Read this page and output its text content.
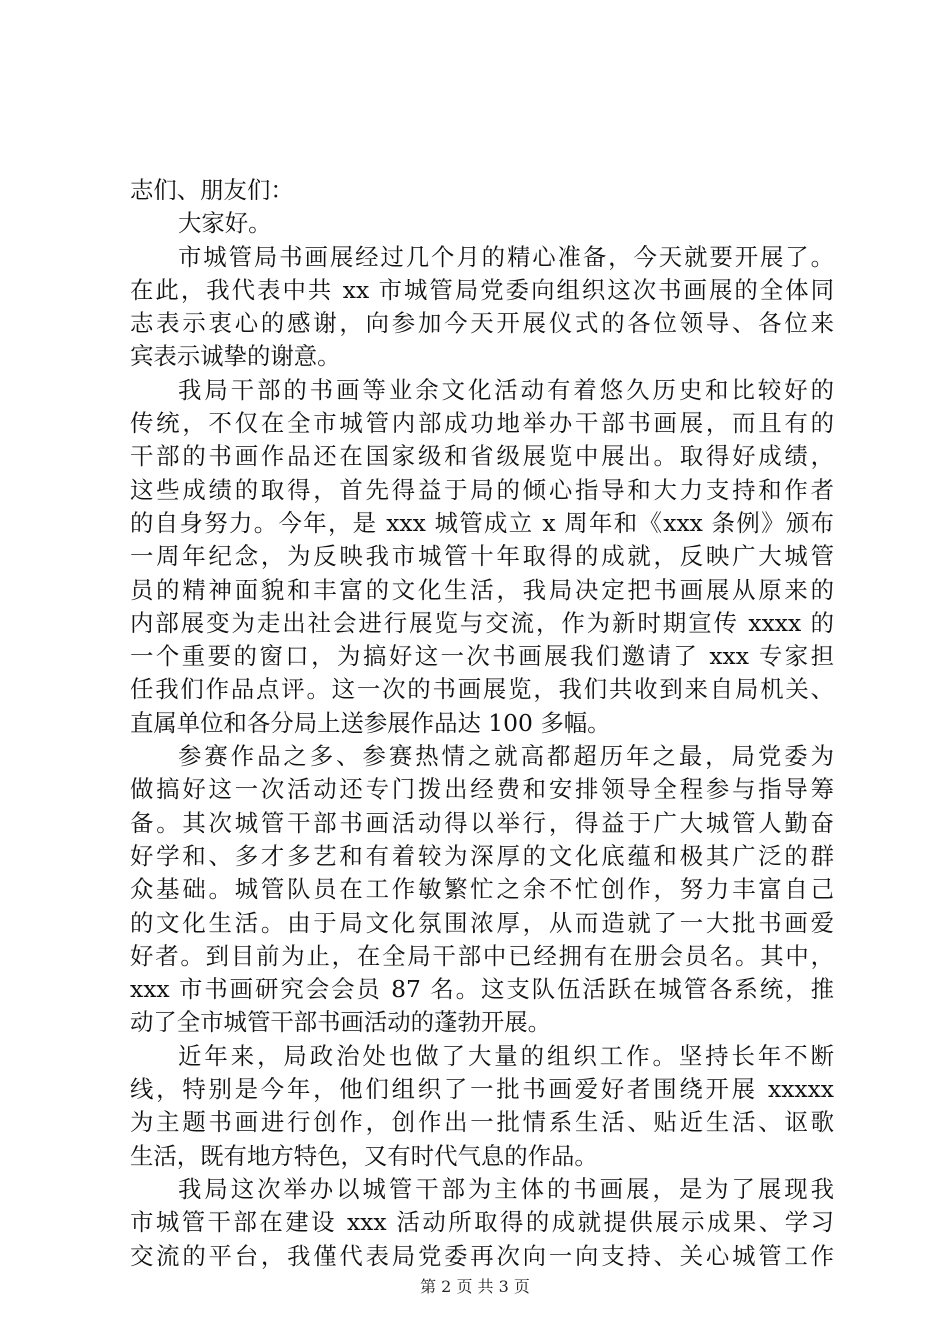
志们、朋友们：
大家好。
市城管局书画展经过几个月的精心准备，今天就要开展了。
在此，我代表中共 xx 市城管局党委向组织这次书画展的全体同
志表示衷心的感谢，向参加今天开展仪式的各位领导、各位来
宾表示诚挚的谢意。
我局干部的书画等业余文化活动有着悠久历史和比较好的
传统，不仅在全市城管内部成功地举办干部书画展，而且有的
干部的书画作品还在国家级和省级展览中展出。取得好成绩，
这些成绩的取得，首先得益于局的倾心指导和大力支持和作者
的自身努力。今年，是 xxx 城管成立 x 周年和《xxx 条例》颁布
一周年纪念，为反映我市城管十年取得的成就，反映广大城管
员的精神面貌和丰富的文化生活，我局决定把书画展从原来的
内部展变为走出社会进行展览与交流，作为新时期宣传 xxxx 的
一个重要的窗口，为搞好这一次书画展我们邀请了 xxx 专家担
任我们作品点评。这一次的书画展览，我们共收到来自局机关、
直属单位和各分局上送参展作品达 100 多幅。
参赛作品之多、参赛热情之就高都超历年之最，局党委为
做搞好这一次活动还专门拨出经费和安排领导全程参与指导筹
备。其次城管干部书画活动得以举行，得益于广大城管人勤奋
好学和、多才多艺和有着较为深厚的文化底蕴和极其广泛的群
众基础。城管队员在工作敏繁忙之余不忙创作，努力丰富自己
的文化生活。由于局文化氛围浓厚，从而造就了一大批书画爱
好者。到目前为止，在全局干部中已经拥有在册会员名。其中，
xxx 市书画研究会会员 87 名。这支队伍活跃在城管各系统，推
动了全市城管干部书画活动的蓬勃开展。
近年来，局政治处也做了大量的组织工作。坚持长年不断
线，特别是今年，他们组织了一批书画爱好者围绕开展 xxxxx
为主题书画进行创作，创作出一批情系生活、贴近生活、讴歌
生活，既有地方特色，又有时代气息的作品。
我局这次举办以城管干部为主体的书画展，是为了展现我
市城管干部在建设 xxx 活动所取得的成就提供展示成果、学习
交流的平台，我僅代表局党委再次向一向支持、关心城管工作
第 2 页 共 3 页
